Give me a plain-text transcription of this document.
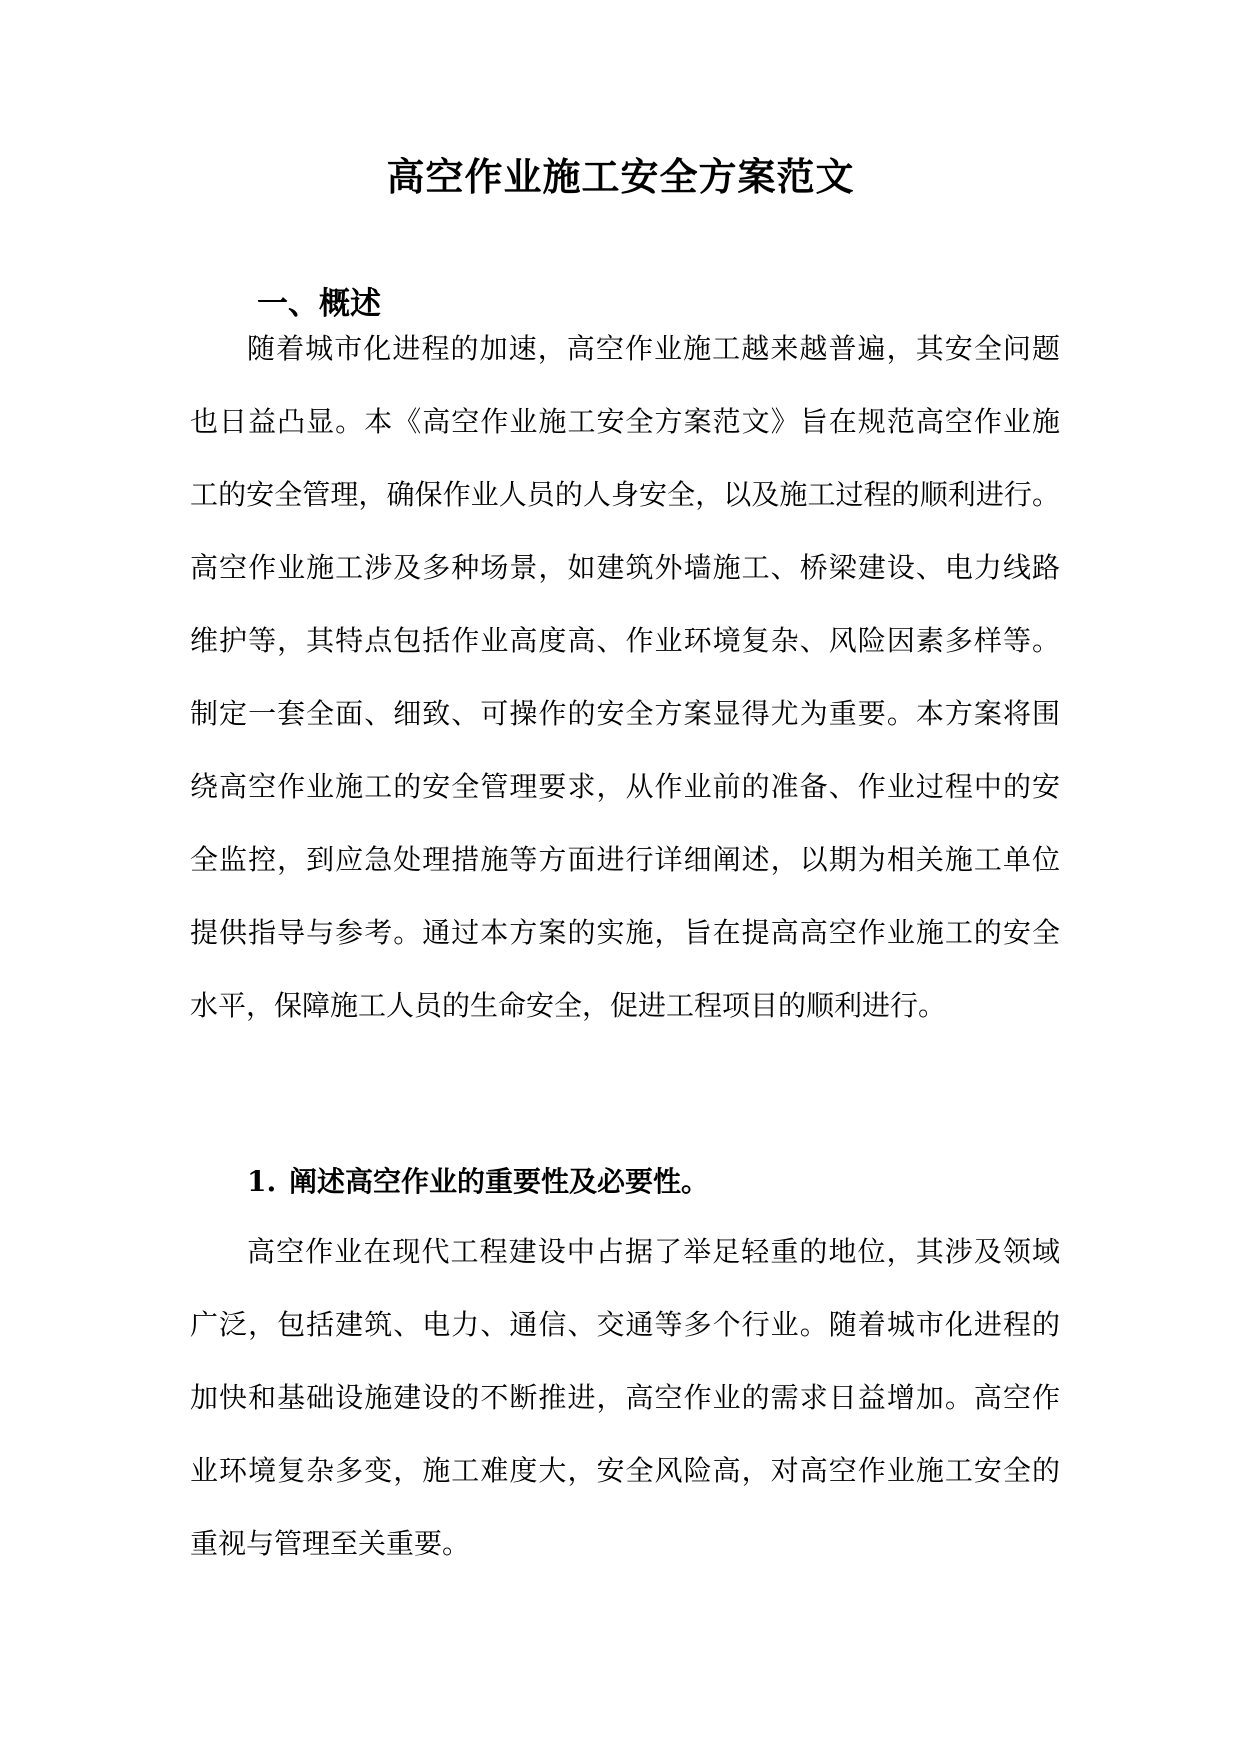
高空作业施工安全方案范文
一、概述

随着城市化进程的加速，高空作业施工越来越普遍，其安全问题

也日益凸显。本《高空作业施工安全方案范文》旨在规范高空作业施

工的安全管理，确保作业人员的人身安全，以及施工过程的顺利进行。

高空作业施工涉及多种场景，如建筑外墙施工、桥梁建设、电力线路

维护等，其特点包括作业高度高、作业环境复杂、风险因素多样等。

制定一套全面、细致、可操作的安全方案显得尤为重要。本方案将围

绕高空作业施工的安全管理要求，从作业前的准备、作业过程中的安

全监控，到应急处理措施等方面进行详细阐述，以期为相关施工单位

提供指导与参考。通过本方案的实施，旨在提高高空作业施工的安全

水平，保障施工人员的生命安全，促进工程项目的顺利进行。

1. 阐述高空作业的重要性及必要性。

高空作业在现代工程建设中占据了举足轻重的地位，其涉及领域

广泛，包括建筑、电力、通信、交通等多个行业。随着城市化进程的

加快和基础设施建设的不断推进，高空作业的需求日益增加。高空作

业环境复杂多变，施工难度大，安全风险高，对高空作业施工安全的

重视与管理至关重要。
